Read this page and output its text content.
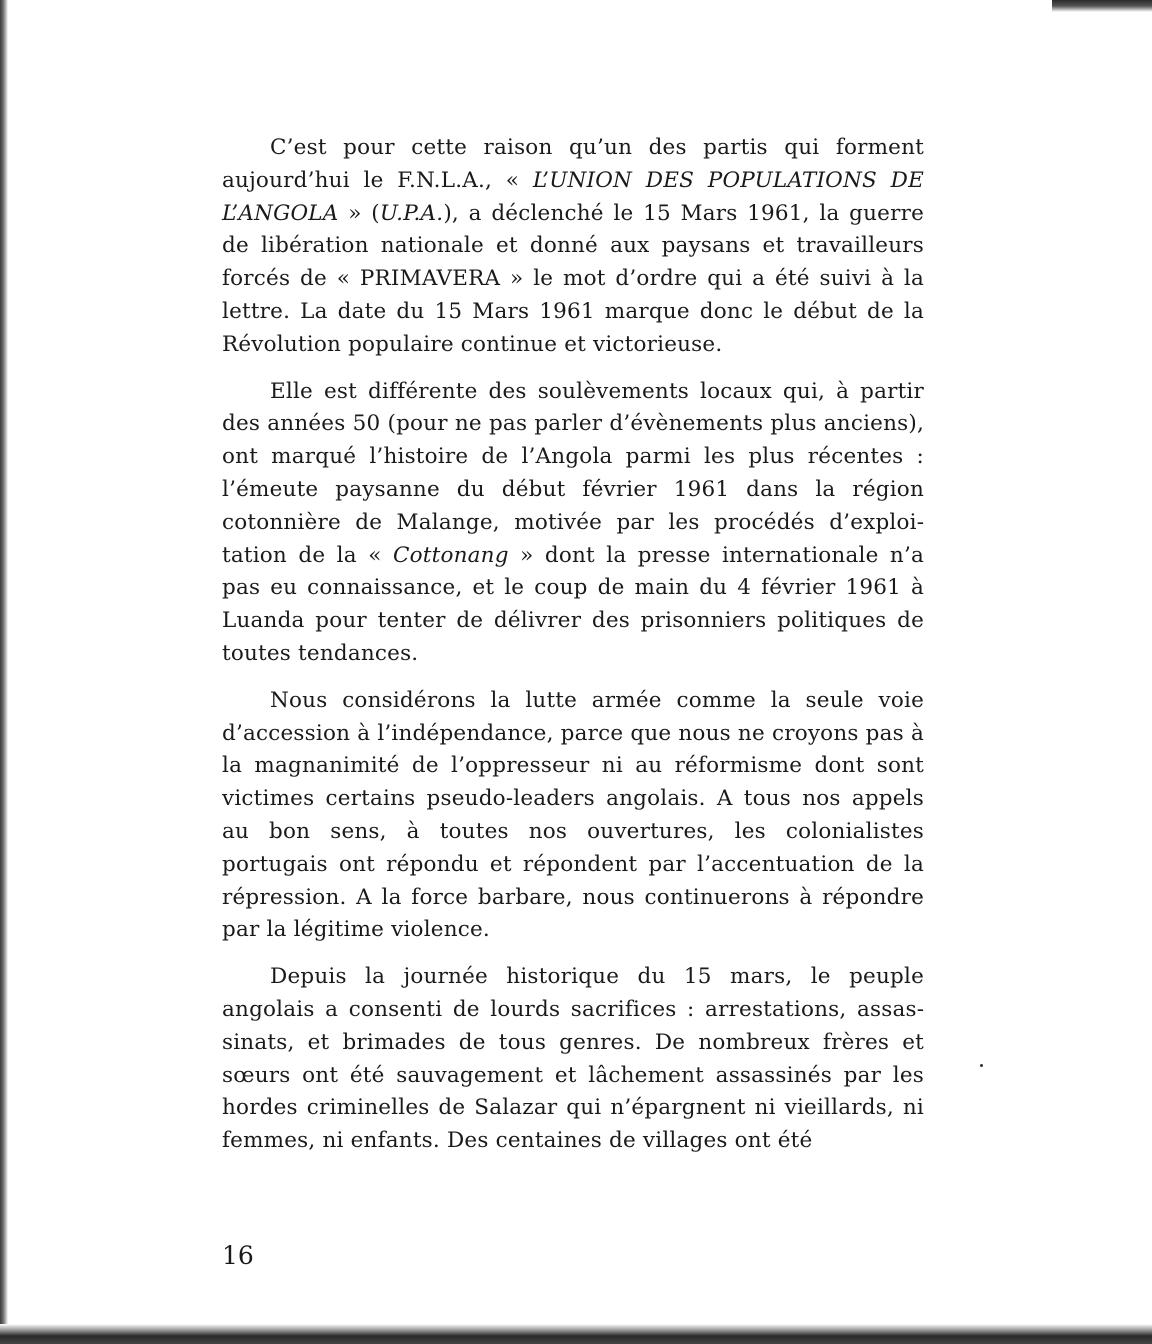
C’est pour cette raison qu’un des partis qui forment aujourd’hui le F.N.L.A., « L’UNION DES POPULATIONS DE L’ANGOLA » (U.P.A.), a déclenché le 15 Mars 1961, la guerre de libération nationale et donné aux paysans et travailleurs forcés de « PRIMAVERA » le mot d’ordre qui a été suivi à la lettre. La date du 15 Mars 1961 marque donc le début de la Révolution populaire continue et victorieuse.

Elle est différente des soulèvements locaux qui, à partir des années 50 (pour ne pas parler d’évènements plus anciens), ont marqué l’histoire de l’Angola parmi les plus récentes : l’émeute paysanne du début février 1961 dans la région cotonnière de Malange, motivée par les procédés d’exploitation de la « Cottonang » dont la presse internationale n’a pas eu connaissance, et le coup de main du 4 février 1961 à Luanda pour tenter de délivrer des prisonniers politiques de toutes tendances.

Nous considérons la lutte armée comme la seule voie d’accession à l’indépendance, parce que nous ne croyons pas à la magnanimité de l’oppresseur ni au réformisme dont sont victimes certains pseudo-leaders angolais. A tous nos appels au bon sens, à toutes nos ouvertures, les colonialistes portugais ont répondu et répondent par l’accentuation de la répression. A la force barbare, nous continuerons à répondre par la légitime violence.

Depuis la journée historique du 15 mars, le peuple angolais a consenti de lourds sacrifices : arrestations, assassinats, et brimades de tous genres. De nombreux frères et sœurs ont été sauvagement et lâchement assassinés par les hordes criminelles de Salazar qui n’épargnent ni vieillards, ni femmes, ni enfants. Des centaines de villages ont été

16
